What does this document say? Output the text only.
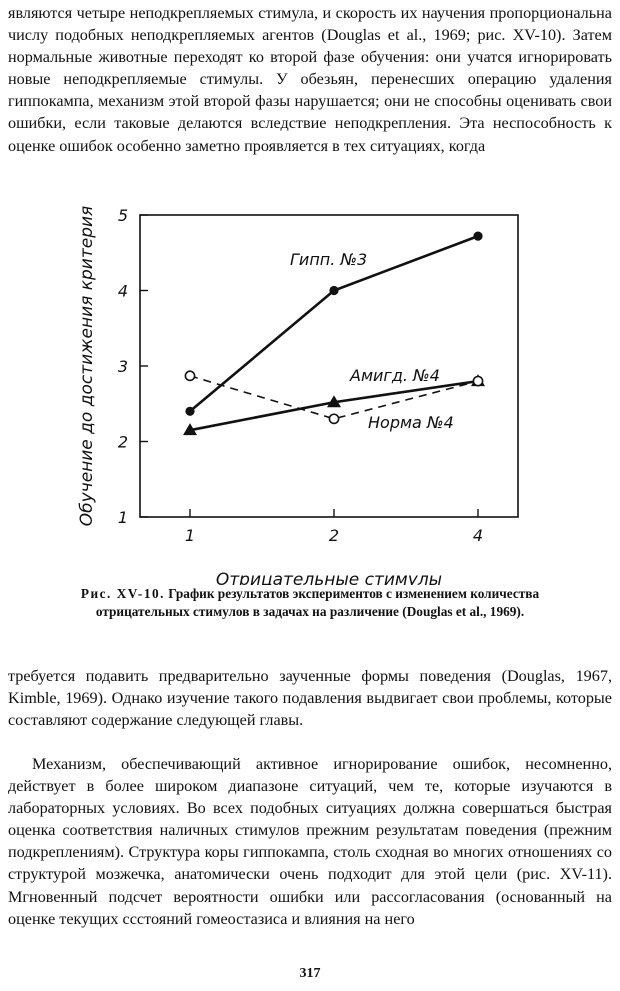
являются четыре неподкрепляемых стимула, и скорость их научения пропорциональна числу подобных неподкрепляемых агентов (Douglas et al., 1969; рис. XV-10). Затем нормальные животные переходят ко второй фазе обучения: они учатся игнорировать новые неподкрепляемые стимулы. У обезьян, перенесших операцию удаления гиппокампа, механизм этой второй фазы нарушается; они не способны оценивать свои ошибки, если таковые делаются вследствие неподкрепления. Эта неспособность к оценке ошибок особенно заметно проявляется в тех ситуациях, когда

1
2
3
4
5
1	2	4
Отрицательные стимулы
Обучение до достижения критерия	Гипп. №3
Амигд. №4
Норма №4
Рис. XV-10. График результатов экспериментов с изменением количества отрицательных стимулов в задачах на различение (Douglas et al., 1969).

требуется подавить предварительно заученные формы поведения (Douglas, 1967, Kimble, 1969). Однако изучение такого подавления выдвигает свои проблемы, которые составляют содержание следующей главы.

Механизм, обеспечивающий активное игнорирование ошибок, несомненно, действует в более широком диапазоне ситуаций, чем те, которые изучаются в лабораторных условиях. Во всех подобных ситуациях должна совершаться быстрая оценка соответствия наличных стимулов прежним результатам поведения (прежним подкреплениям). Структура коры гиппокампа, столь сходная во многих отношениях со структурой мозжечка, анатомически очень подходит для этой цели (рис. XV-11). Мгновенный подсчет вероятности ошибки или рассогласования (основанный на оценке текущих ссстояний гомеостазиса и влияния на него

317
